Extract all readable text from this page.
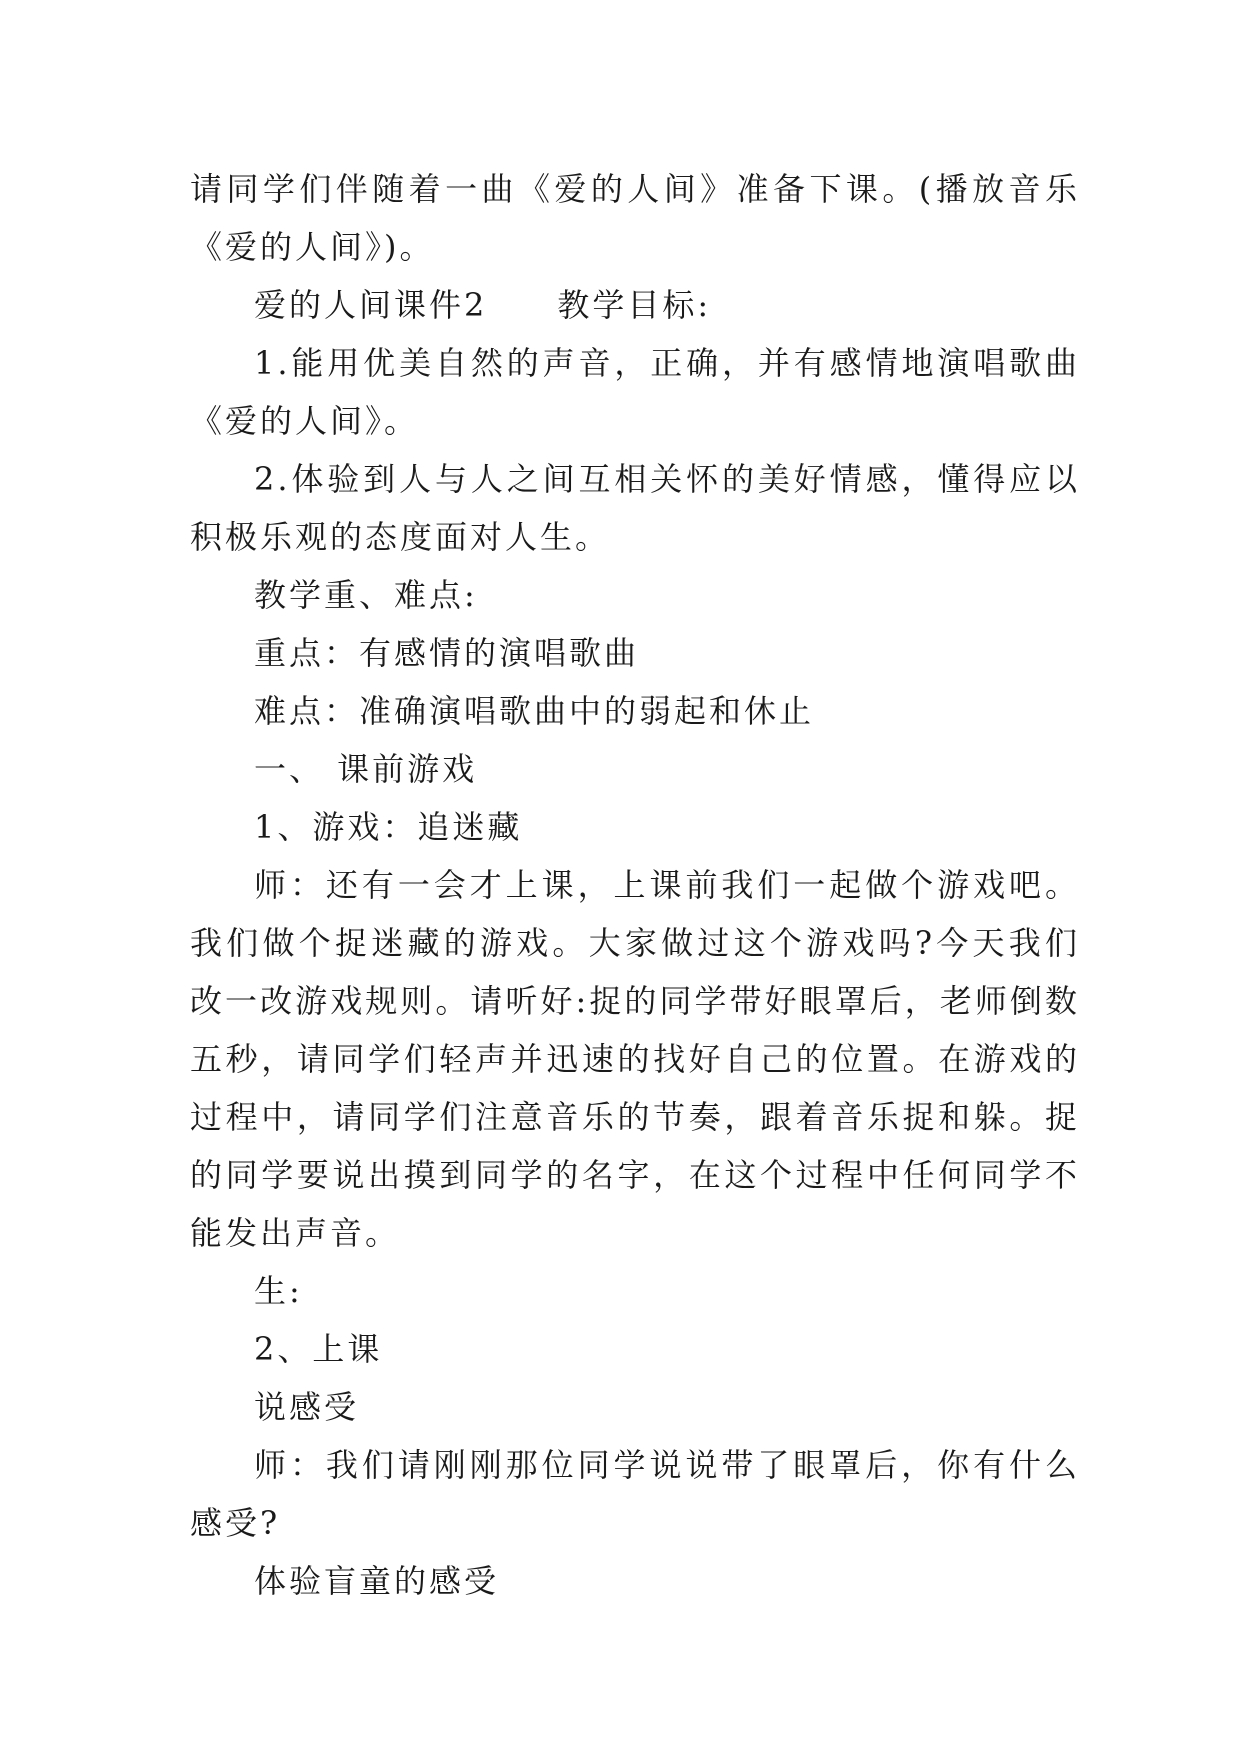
请同学们伴随着一曲《爱的人间》准备下课。(播放音乐《爱的人间》)。

爱的人间课件2 教学目标:

1.能用优美自然的声音，正确，并有感情地演唱歌曲《爱的人间》。

2.体验到人与人之间互相关怀的美好情感，懂得应以积极乐观的态度面对人生。

教学重、难点:

重点：有感情的演唱歌曲

难点：准确演唱歌曲中的弱起和休止

一、 课前游戏

1、游戏：追迷藏

师：还有一会才上课，上课前我们一起做个游戏吧。我们做个捉迷藏的游戏。大家做过这个游戏吗?今天我们改一改游戏规则。请听好:捉的同学带好眼罩后，老师倒数五秒，请同学们轻声并迅速的找好自己的位置。在游戏的过程中，请同学们注意音乐的节奏，跟着音乐捉和躲。捉的同学要说出摸到同学的名字，在这个过程中任何同学不能发出声音。

生:

2、上课

说感受

师：我们请刚刚那位同学说说带了眼罩后，你有什么感受?

体验盲童的感受
